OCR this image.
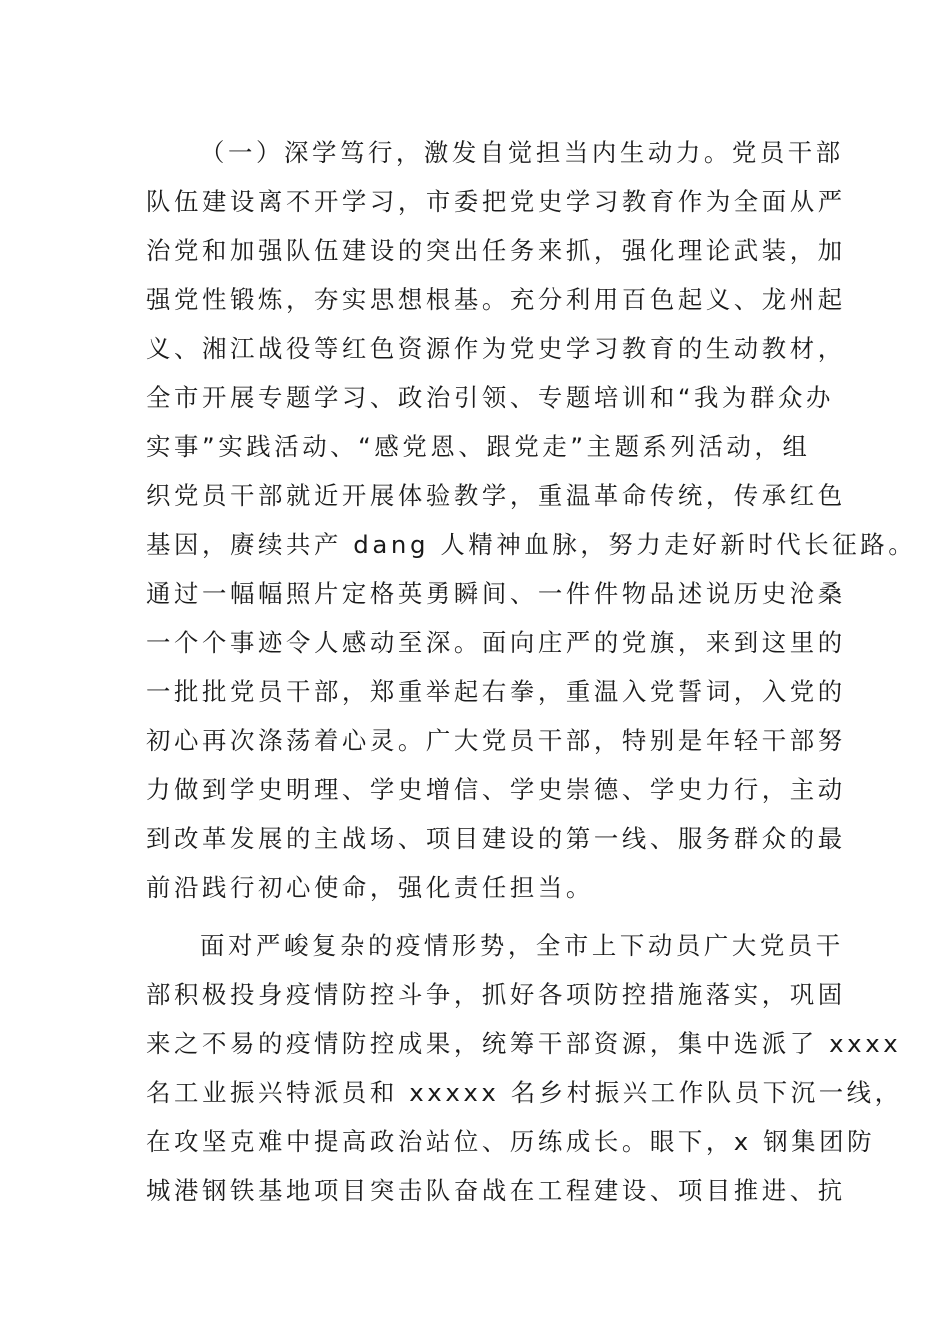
（一）深学笃行，激发自觉担当内生动力。党员干部
队伍建设离不开学习，市委把党史学习教育作为全面从严
治党和加强队伍建设的突出任务来抓，强化理论武装，加
强党性锻炼，夯实思想根基。充分利用百色起义、龙州起
义、湘江战役等红色资源作为党史学习教育的生动教材，
全市开展专题学习、政治引领、专题培训和“我为群众办
实事”实践活动、“感党恩、跟党走”主题系列活动，组
织党员干部就近开展体验教学，重温革命传统，传承红色
基因，赓续共产 dang 人精神血脉，努力走好新时代长征路。
通过一幅幅照片定格英勇瞬间、一件件物品述说历史沧桑
一个个事迹令人感动至深。面向庄严的党旗，来到这里的
一批批党员干部，郑重举起右拳，重温入党誓词，入党的
初心再次涤荡着心灵。广大党员干部，特别是年轻干部努
力做到学史明理、学史增信、学史崇德、学史力行，主动
到改革发展的主战场、项目建设的第一线、服务群众的最
前沿践行初心使命，强化责任担当。
面对严峻复杂的疫情形势，全市上下动员广大党员干
部积极投身疫情防控斗争，抓好各项防控措施落实，巩固
来之不易的疫情防控成果，统筹干部资源，集中选派了 xxxx
名工业振兴特派员和 xxxxx 名乡村振兴工作队员下沉一线，
在攻坚克难中提高政治站位、历练成长。眼下，x 钢集团防
城港钢铁基地项目突击队奋战在工程建设、项目推进、抗
